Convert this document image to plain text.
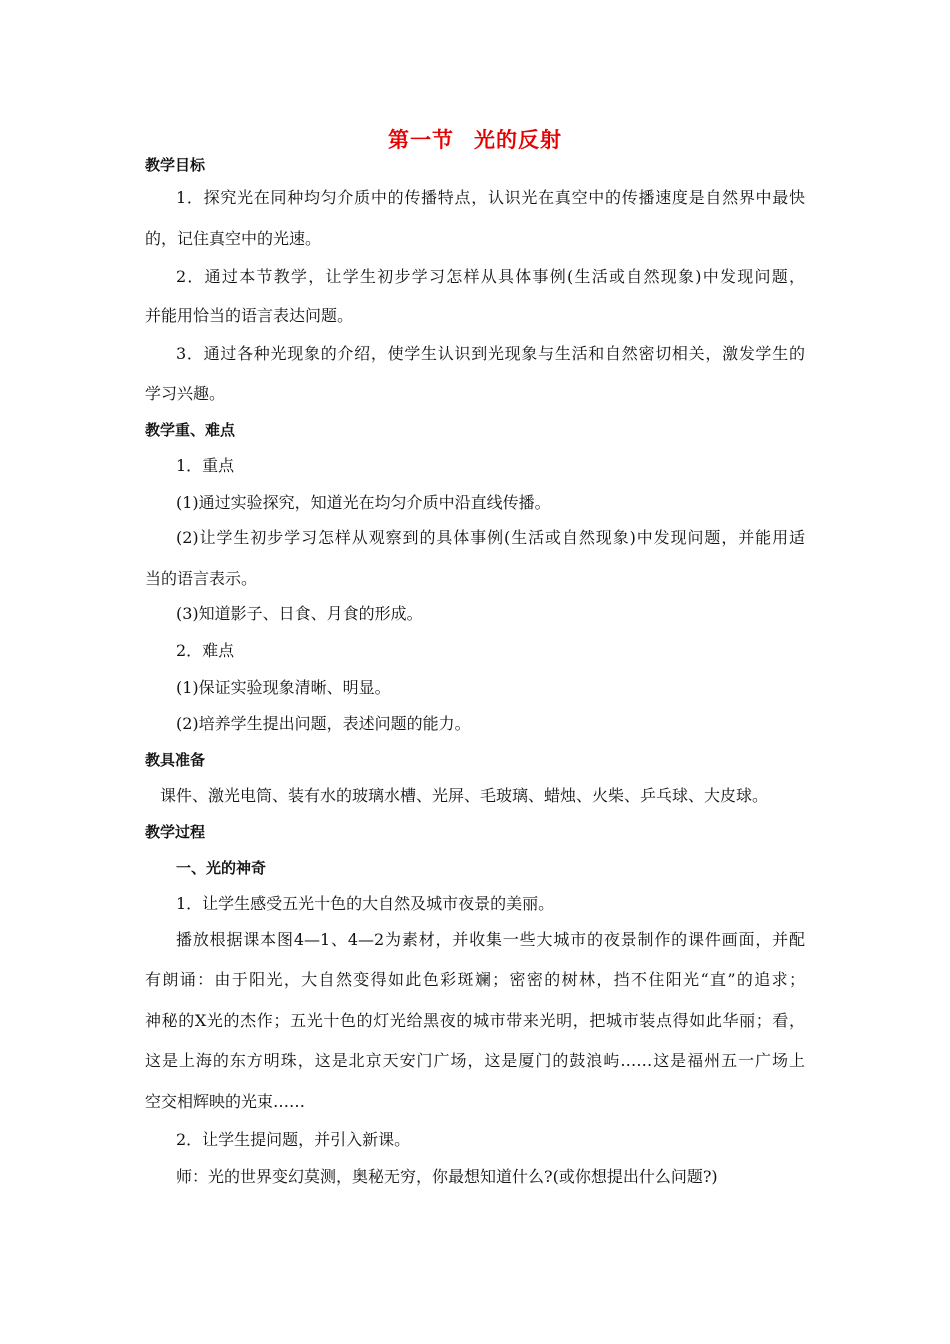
第一节 光的反射
教学目标
1．探究光在同种均匀介质中的传播特点，认识光在真空中的传播速度是自然界中最快
的，记住真空中的光速。
2．通过本节教学，让学生初步学习怎样从具体事例(生活或自然现象)中发现问题，
并能用恰当的语言表达问题。
3．通过各种光现象的介绍，使学生认识到光现象与生活和自然密切相关，激发学生的
学习兴趣。
教学重、难点
1．重点
(1)通过实验探究，知道光在均匀介质中沿直线传播。
(2)让学生初步学习怎样从观察到的具体事例(生活或自然现象)中发现问题，并能用适
当的语言表示。
(3)知道影子、日食、月食的形成。
2．难点
(1)保证实验现象清晰、明显。
(2)培养学生提出问题，表述问题的能力。
教具准备
课件、激光电筒、装有水的玻璃水槽、光屏、毛玻璃、蜡烛、火柴、乒乓球、大皮球。
教学过程
一、光的神奇
1．让学生感受五光十色的大自然及城市夜景的美丽。
播放根据课本图4—1、4—2为素材，并收集一些大城市的夜景制作的课件画面，并配
有朗诵：由于阳光，大自然变得如此色彩斑斓；密密的树林，挡不住阳光“直”的追求；
神秘的X光的杰作；五光十色的灯光给黑夜的城市带来光明，把城市装点得如此华丽；看，
这是上海的东方明珠，这是北京天安门广场，这是厦门的鼓浪屿……这是福州五一广场上
空交相辉映的光束……
2．让学生提问题，并引入新课。
师：光的世界变幻莫测，奥秘无穷，你最想知道什么?(或你想提出什么问题?)
